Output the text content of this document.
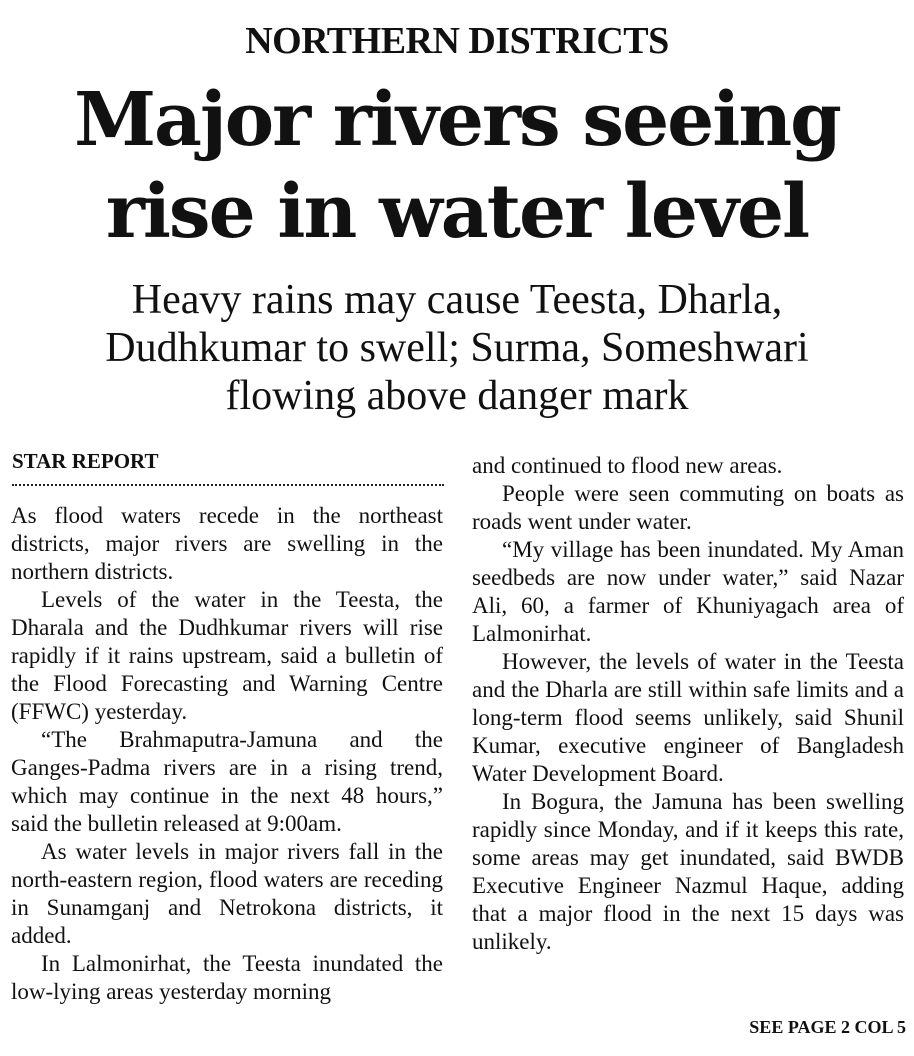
NORTHERN DISTRICTS
Major rivers seeing
rise in water level
Heavy rains may cause Teesta, Dharla,
Dudhkumar to swell; Surma, Someshwari
flowing above danger mark
STAR REPORT

As flood waters recede in the northeast districts, major rivers are swelling in the northern districts.

Levels of the water in the Teesta, the Dharala and the Dudhkumar rivers will rise rapidly if it rains upstream, said a bulletin of the Flood Forecasting and Warning Centre (FFWC) yesterday.

“The Brahmaputra-Jamuna and the Ganges-Padma rivers are in a rising trend, which may continue in the next 48 hours,” said the bulletin released at 9:00am.

As water levels in major rivers fall in the north-eastern region, flood waters are receding in Sunamganj and Netrokona districts, it added.

In Lalmonirhat, the Teesta inundated the low-lying areas yesterday morning

and continued to flood new areas.

People were seen commuting on boats as roads went under water.

“My village has been inundated. My Aman seedbeds are now under water,” said Nazar Ali, 60, a farmer of Khuniyagach area of Lalmonirhat.

However, the levels of water in the Teesta and the Dharla are still within safe limits and a long-term flood seems unlikely, said Shunil Kumar, executive engineer of Bangladesh Water Development Board.

In Bogura, the Jamuna has been swelling rapidly since Monday, and if it keeps this rate, some areas may get inundated, said BWDB Executive Engineer Nazmul Haque, adding that a major flood in the next 15 days was unlikely.

SEE PAGE 2 COL 5
